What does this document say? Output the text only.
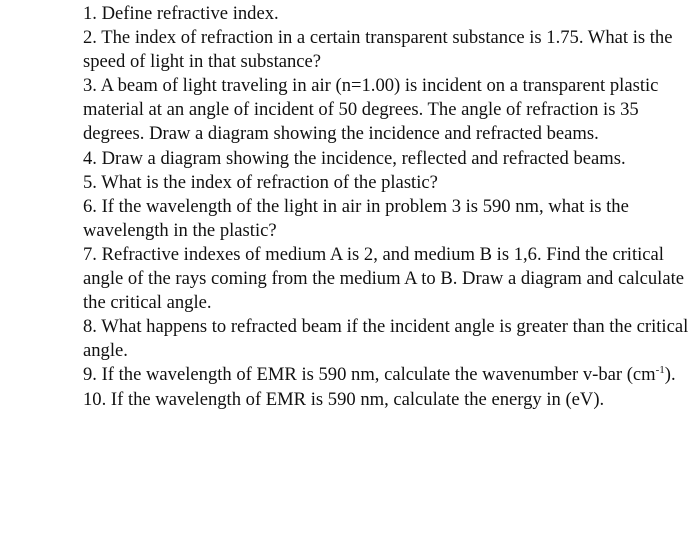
1. Define refractive index.

2. The index of refraction in a certain transparent substance is 1.75. What is the speed of light in that substance?

3. A beam of light traveling in air (n=1.00) is incident on a transparent plastic material at an angle of incident of 50 degrees. The angle of refraction is 35 degrees. Draw a diagram showing the incidence and refracted beams.

4. Draw a diagram showing the incidence, reflected and refracted beams.

5. What is the index of refraction of the plastic?

6. If the wavelength of the light in air in problem 3 is 590 nm, what is the wavelength in the plastic?

7. Refractive indexes of medium A is 2, and medium B is 1,6. Find the critical angle of the rays coming from the medium A to B. Draw a diagram and calculate the critical angle.

8. What happens to refracted beam if the incident angle is greater than the critical angle.

9. If the wavelength of EMR is 590 nm, calculate the wavenumber v-bar $(cm^{-1})$.

10. If the wavelength of EMR is 590 nm, calculate the energy in (eV).
